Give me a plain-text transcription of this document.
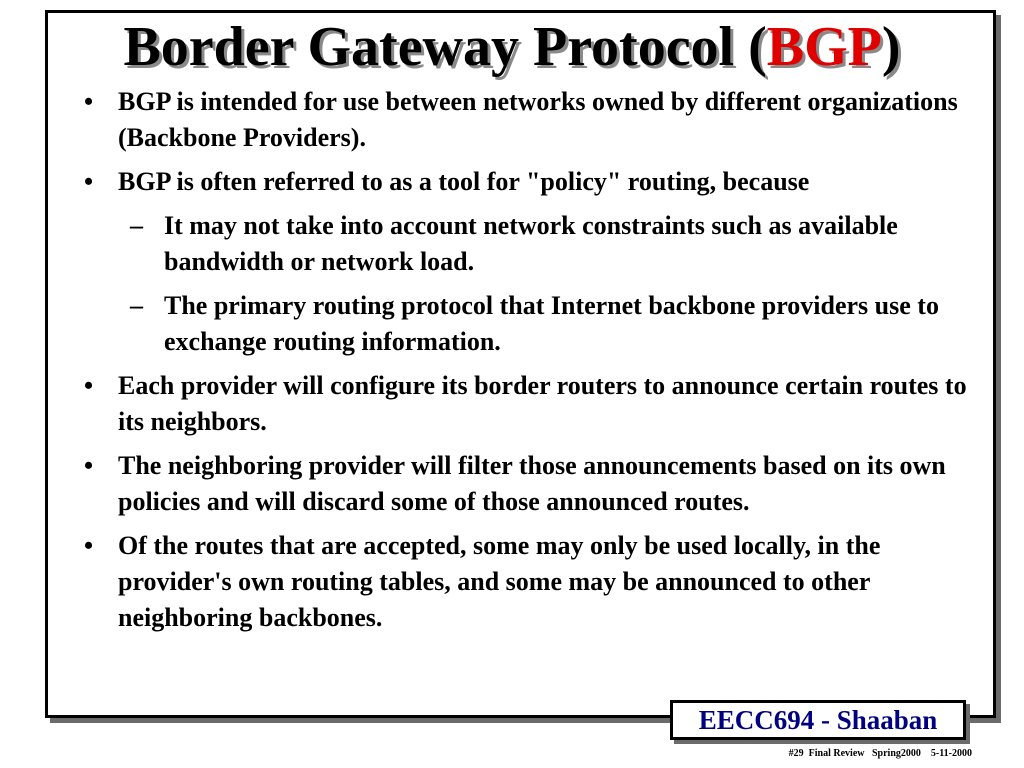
Border Gateway Protocol (BGP)
• BGP is intended for use between networks owned by different organizations (Backbone Providers).
• BGP is often referred to as a tool for "policy" routing, because
– It may not take into account network constraints such as available bandwidth or network load.
– The primary routing protocol that Internet backbone providers use to exchange routing information.
• Each provider will configure its border routers to announce certain routes to its neighbors.
• The neighboring provider will filter those announcements based on its own policies and will discard some of those announced routes.
• Of the routes that are accepted, some may only be used locally, in the provider's own routing tables, and some may be announced to other neighboring backbones.
EECC694 - Shaaban
#29  Final Review   Spring2000    5-11-2000
